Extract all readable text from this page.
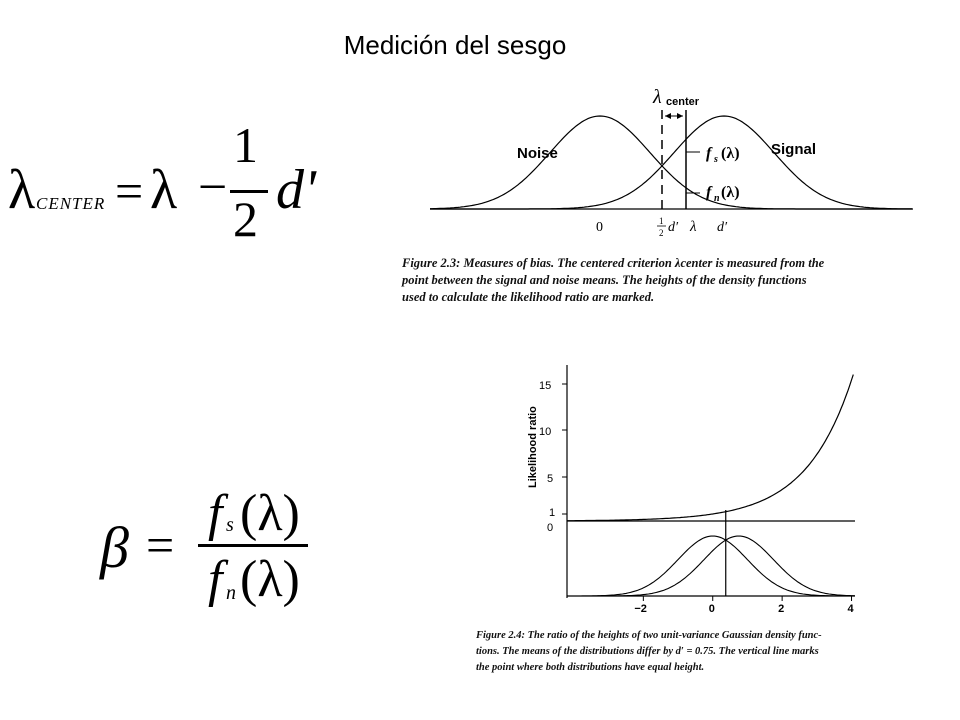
Medición del sesgo
λ CENTER = λ −
1
2 d'
β =
f s (λ)
f n (λ)
λ center
Noise	Signal
f s (λ)
f n (λ)
0	1
2 d′ λ d′
Figure 2.3: Measures of bias. The centered criterion λcenter is measured from the
point between the signal and noise means. The heights of the density functions
used to calculate the likelihood ratio are marked.
15
10
5
1
0
Likelihood ratio
−2	0	2	4
Figure 2.4: The ratio of the heights of two unit-variance Gaussian density func-
tions. The means of the distributions differ by d′ = 0.75. The vertical line marks
the point where both distributions have equal height.
